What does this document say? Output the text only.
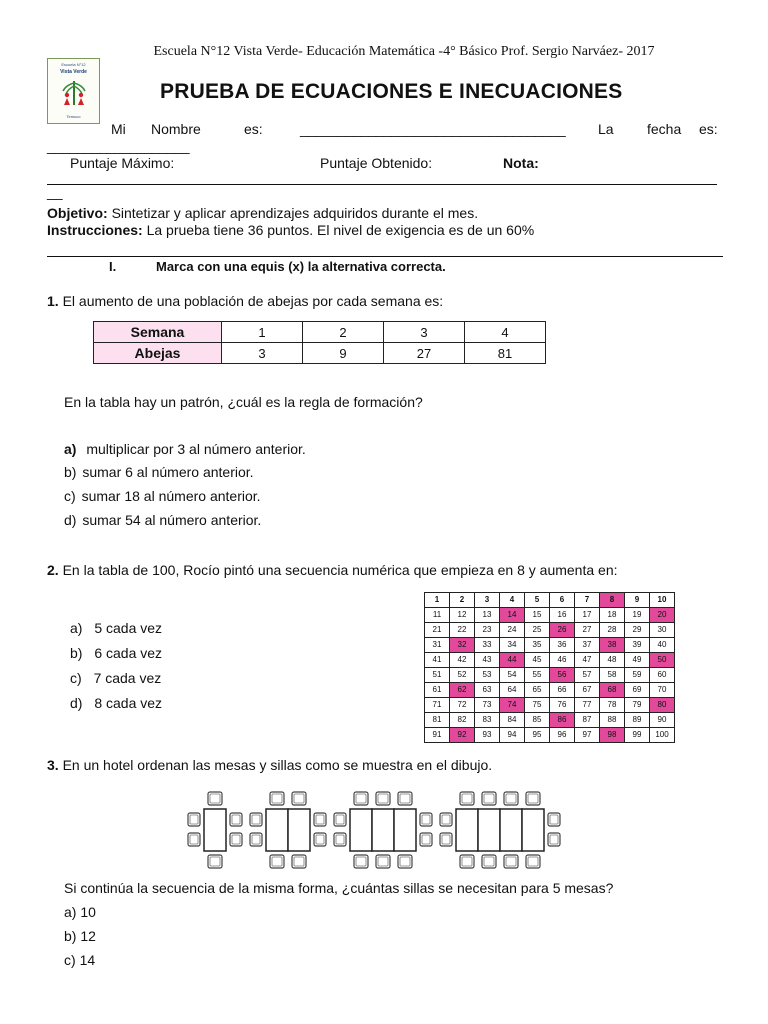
Escuela N°12 Vista Verde- Educación Matemática -4° Básico Prof. Sergio Narváez- 2017
Escuela N°12
Vista Verde
Temuco
PRUEBA DE ECUACIONES E INECUACIONES
Mi Nombre	es:	___________________________________ La fecha es:
___________________
Puntaje Máximo:	Puntaje Obtenido:	Nota:
__
Objetivo: Sintetizar y aplicar aprendizajes adquiridos durante el mes.
Instrucciones: La prueba tiene 36 puntos. El nivel de exigencia es de un 60%
I.	Marca con una equis (x) la alternativa correcta.
1. El aumento de una población de abejas por cada semana es:
Semana	1	2	3	4
Abejas	3	9	27	81
En la tabla hay un patrón, ¿cuál es la regla de formación?
a) multiplicar por 3 al número anterior.
b) sumar 6 al número anterior.
c) sumar 18 al número anterior.
d) sumar 54 al número anterior.
2. En la tabla de 100, Rocío pintó una secuencia numérica que empieza en 8 y aumenta en:
a) 5 cada vez
b) 6 cada vez
c) 7 cada vez
d) 8 cada vez
1	2	3	4	5	6	7	8	9	10
11	12	13	14	15	16	17	18	19	20
21	22	23	24	25	26	27	28	29	30
31	32	33	34	35	36	37	38	39	40
41	42	43	44	45	46	47	48	49	50
51	52	53	54	55	56	57	58	59	60
61	62	63	64	65	66	67	68	69	70
71	72	73	74	75	76	77	78	79	80
81	82	83	84	85	86	87	88	89	90
91	92	93	94	95	96	97	98	99	100
3. En un hotel ordenan las mesas y sillas como se muestra en el dibujo.
Si continúa la secuencia de la misma forma, ¿cuántas sillas se necesitan para 5 mesas?
a) 10
b) 12
c) 14
